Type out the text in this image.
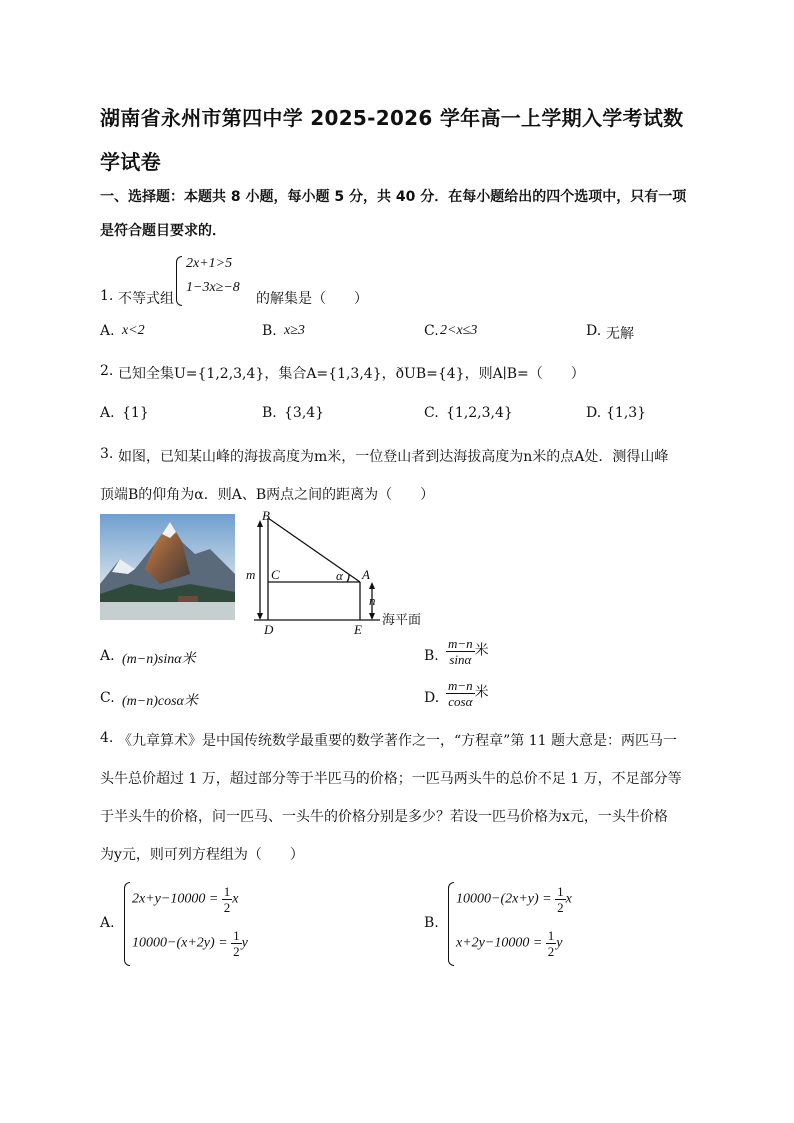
湖南省永州市第四中学 2025-2026 学年高一上学期入学考试数学试卷
一、选择题：本题共 8 小题，每小题 5 分，共 40 分．在每小题给出的四个选项中，只有一项是符合题目要求的．
1. 不等式组
2x+1>5
1−3x≥−8
的解集是（　　）
A. x<2	B. x≥3	C. 2<x≤3	D. 无解
2. 已知全集U={1,2,3,4}，集合A={1,3,4}，ðUB={4}，则A∣B=（　　）
A. {1}	B. {3,4}	C. {1,2,3,4}	D. {1,3}
3. 如图，已知某山峰的海拔高度为m米，一位登山者到达海拔高度为n米的点A处．测得山峰
顶端B的仰角为α．则A、B两点之间的距离为（　　）
B
C	A
D	E
m
n
α
海平面
A. (m−n)sinα米	B. $\frac{m-n}{\sin\alpha}$ 米
C. (m−n)cosα米	D. $\frac{m-n}{\cos\alpha}$ 米
4. 《九章算术》是中国传统数学最重要的数学著作之一，“方程章”第 11 题大意是：两匹马一
头牛总价超过 1 万，超过部分等于半匹马的价格；一匹马两头牛的总价不足 1 万，不足部分等
于半头牛的价格，问一匹马、一头牛的价格分别是多少？若设一匹马价格为x元，一头牛价格
为y元，则可列方程组为（　　）
A.
$2x+y-10000 = \frac{1}{2}$ x
$10000-(x+2y) = \frac{1}{2}$ y
B.
$10000-(2x+y) = \frac{1}{2}$ x
$x+2y-10000 = \frac{1}{2}$ y
